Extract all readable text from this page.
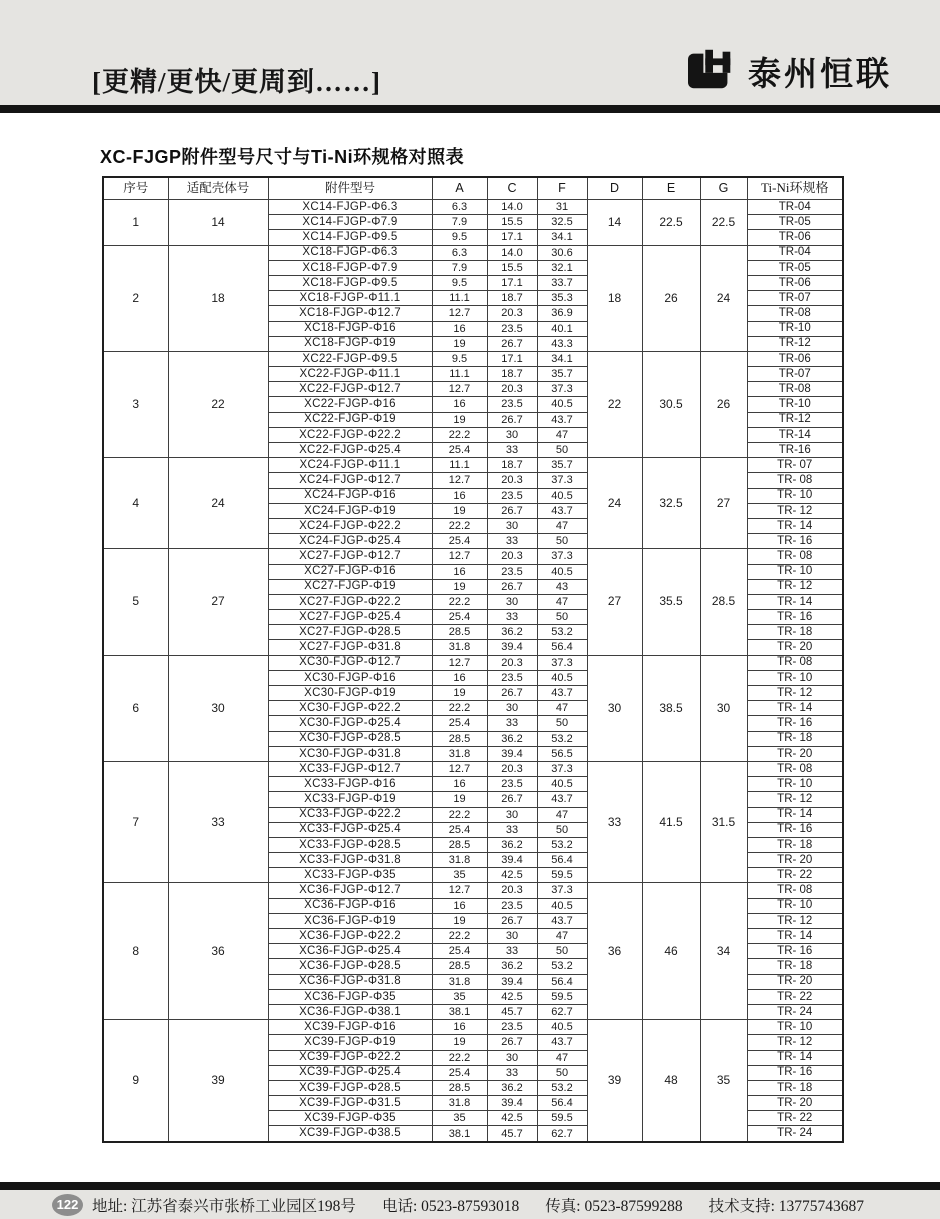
[更精/更快/更周到……]	泰州恒联
XC-FJGP附件型号尺寸与Ti-Ni环规格对照表
序号	适配壳体号	附件型号	A	C	F	D	E	G	Ti-Ni环规格
1	14	XC14-FJGP-Φ6.3	6.3	14.0	31	14	22.5	22.5	TR-04
		XC14-FJGP-Φ7.9	7.9	15.5	32.5				TR-05
		XC14-FJGP-Φ9.5	9.5	17.1	34.1				TR-06
2	18	XC18-FJGP-Φ6.3	6.3	14.0	30.6	18	26	24	TR-04
		XC18-FJGP-Φ7.9	7.9	15.5	32.1				TR-05
		XC18-FJGP-Φ9.5	9.5	17.1	33.7				TR-06
		XC18-FJGP-Φ11.1	11.1	18.7	35.3				TR-07
		XC18-FJGP-Φ12.7	12.7	20.3	36.9				TR-08
		XC18-FJGP-Φ16	16	23.5	40.1				TR-10
		XC18-FJGP-Φ19	19	26.7	43.3				TR-12
3	22	XC22-FJGP-Φ9.5	9.5	17.1	34.1	22	30.5	26	TR-06
		XC22-FJGP-Φ11.1	11.1	18.7	35.7				TR-07
		XC22-FJGP-Φ12.7	12.7	20.3	37.3				TR-08
		XC22-FJGP-Φ16	16	23.5	40.5				TR-10
		XC22-FJGP-Φ19	19	26.7	43.7				TR-12
		XC22-FJGP-Φ22.2	22.2	30	47				TR-14
		XC22-FJGP-Φ25.4	25.4	33	50				TR-16
4	24	XC24-FJGP-Φ11.1	11.1	18.7	35.7	24	32.5	27	TR- 07
		XC24-FJGP-Φ12.7	12.7	20.3	37.3				TR- 08
		XC24-FJGP-Φ16	16	23.5	40.5				TR- 10
		XC24-FJGP-Φ19	19	26.7	43.7				TR- 12
		XC24-FJGP-Φ22.2	22.2	30	47				TR- 14
		XC24-FJGP-Φ25.4	25.4	33	50				TR- 16
5	27	XC27-FJGP-Φ12.7	12.7	20.3	37.3	27	35.5	28.5	TR- 08
		XC27-FJGP-Φ16	16	23.5	40.5				TR- 10
		XC27-FJGP-Φ19	19	26.7	43				TR- 12
		XC27-FJGP-Φ22.2	22.2	30	47				TR- 14
		XC27-FJGP-Φ25.4	25.4	33	50				TR- 16
		XC27-FJGP-Φ28.5	28.5	36.2	53.2				TR- 18
		XC27-FJGP-Φ31.8	31.8	39.4	56.4				TR- 20
6	30	XC30-FJGP-Φ12.7	12.7	20.3	37.3	30	38.5	30	TR- 08
		XC30-FJGP-Φ16	16	23.5	40.5				TR- 10
		XC30-FJGP-Φ19	19	26.7	43.7				TR- 12
		XC30-FJGP-Φ22.2	22.2	30	47				TR- 14
		XC30-FJGP-Φ25.4	25.4	33	50				TR- 16
		XC30-FJGP-Φ28.5	28.5	36.2	53.2				TR- 18
		XC30-FJGP-Φ31.8	31.8	39.4	56.5				TR- 20
7	33	XC33-FJGP-Φ12.7	12.7	20.3	37.3	33	41.5	31.5	TR- 08
		XC33-FJGP-Φ16	16	23.5	40.5				TR- 10
		XC33-FJGP-Φ19	19	26.7	43.7				TR- 12
		XC33-FJGP-Φ22.2	22.2	30	47				TR- 14
		XC33-FJGP-Φ25.4	25.4	33	50				TR- 16
		XC33-FJGP-Φ28.5	28.5	36.2	53.2				TR- 18
		XC33-FJGP-Φ31.8	31.8	39.4	56.4				TR- 20
		XC33-FJGP-Φ35	35	42.5	59.5				TR- 22
8	36	XC36-FJGP-Φ12.7	12.7	20.3	37.3	36	46	34	TR- 08
		XC36-FJGP-Φ16	16	23.5	40.5				TR- 10
		XC36-FJGP-Φ19	19	26.7	43.7				TR- 12
		XC36-FJGP-Φ22.2	22.2	30	47				TR- 14
		XC36-FJGP-Φ25.4	25.4	33	50				TR- 16
		XC36-FJGP-Φ28.5	28.5	36.2	53.2				TR- 18
		XC36-FJGP-Φ31.8	31.8	39.4	56.4				TR- 20
		XC36-FJGP-Φ35	35	42.5	59.5				TR- 22
		XC36-FJGP-Φ38.1	38.1	45.7	62.7				TR- 24
9	39	XC39-FJGP-Φ16	16	23.5	40.5	39	48	35	TR- 10
		XC39-FJGP-Φ19	19	26.7	43.7				TR- 12
		XC39-FJGP-Φ22.2	22.2	30	47				TR- 14
		XC39-FJGP-Φ25.4	25.4	33	50				TR- 16
		XC39-FJGP-Φ28.5	28.5	36.2	53.2				TR- 18
		XC39-FJGP-Φ31.5	31.8	39.4	56.4				TR- 20
		XC39-FJGP-Φ35	35	42.5	59.5				TR- 22
		XC39-FJGP-Φ38.5	38.1	45.7	62.7				TR- 24
122 地址: 江苏省泰兴市张桥工业园区198号 电话: 0523-87593018 传真: 0523-87599288 技术支持: 13775743687
